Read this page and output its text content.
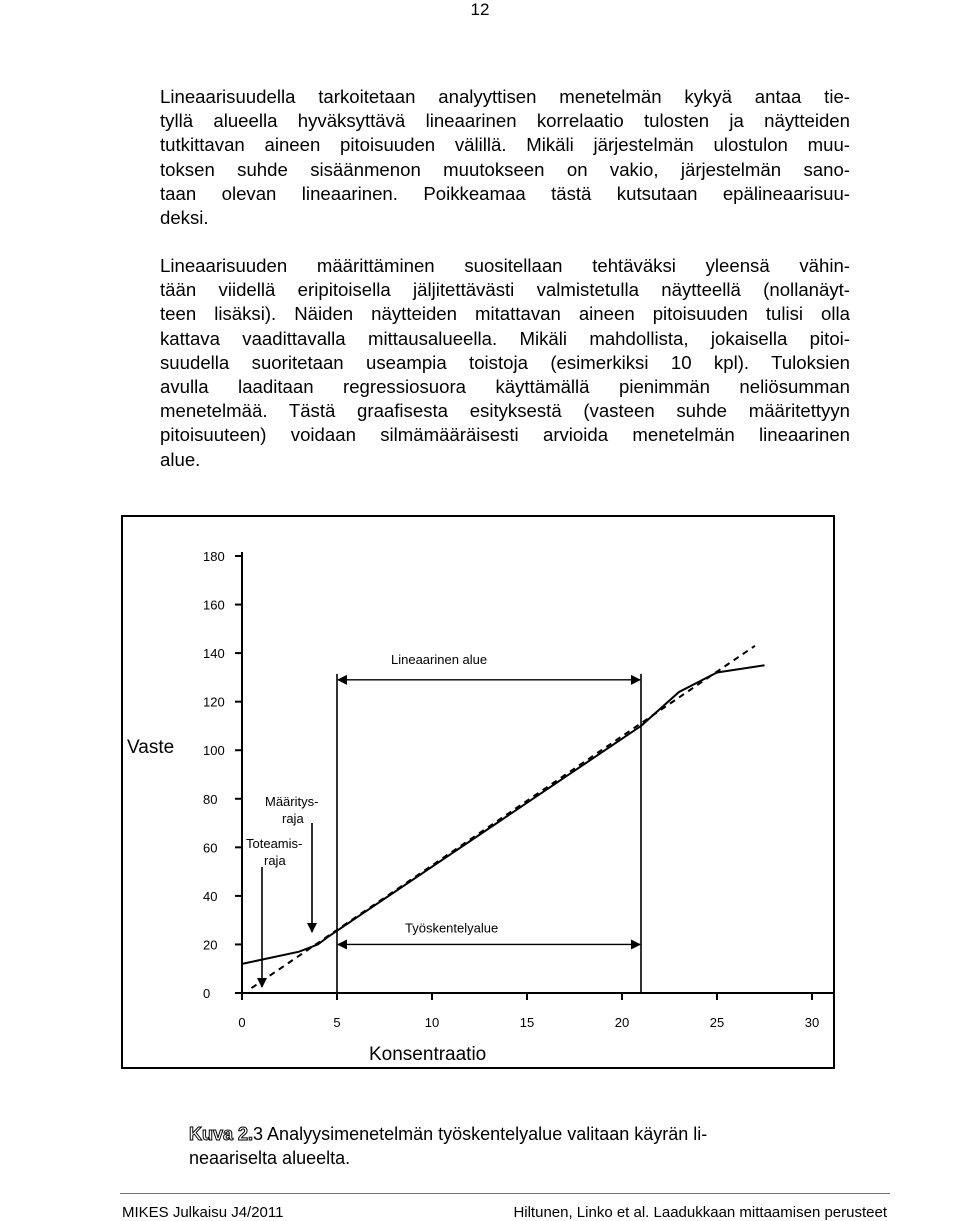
12

Lineaarisuudella tarkoitetaan analyyttisen menetelmän kykyä antaa tie-
tyllä alueella hyväksyttävä lineaarinen korrelaatio tulosten ja näytteiden
tutkittavan aineen pitoisuuden välillä. Mikäli järjestelmän ulostulon muu-
toksen suhde sisäänmenon muutokseen on vakio, järjestelmän sano-
taan olevan lineaarinen. Poikkeamaa tästä kutsutaan epälineaarisuu-
deksi.

Lineaarisuuden määrittäminen suositellaan tehtäväksi yleensä vähin-
tään viidellä eripitoisella jäljitettävästi valmistetulla näytteellä (nollanäyt-
teen lisäksi). Näiden näytteiden mitattavan aineen pitoisuuden tulisi olla
kattava vaadittavalla mittausalueella. Mikäli mahdollista, jokaisella pitoi-
suudella suoritetaan useampia toistoja (esimerkiksi 10 kpl). Tuloksien
avulla laaditaan regressiosuora käyttämällä pienimmän neliösumman
menetelmää. Tästä graafisesta esityksestä (vasteen suhde määritettyyn
pitoisuuteen) voidaan silmämääräisesti arvioida menetelmän lineaarinen
alue.

0
20
40
60
80
100
120
140
160
180
0	5	10	15	20	25	30
Lineaarinen alue
Työskentelyalue
Määritys-
raja
Toteamis-
raja
Konsentraatio
Vaste

Kuva 2.3 Analyysimenetelmän työskentelyalue valitaan käyrän li-
neaariselta alueelta.

MIKES Julkaisu J4/2011	Hiltunen, Linko et al. Laadukkaan mittaamisen perusteet
